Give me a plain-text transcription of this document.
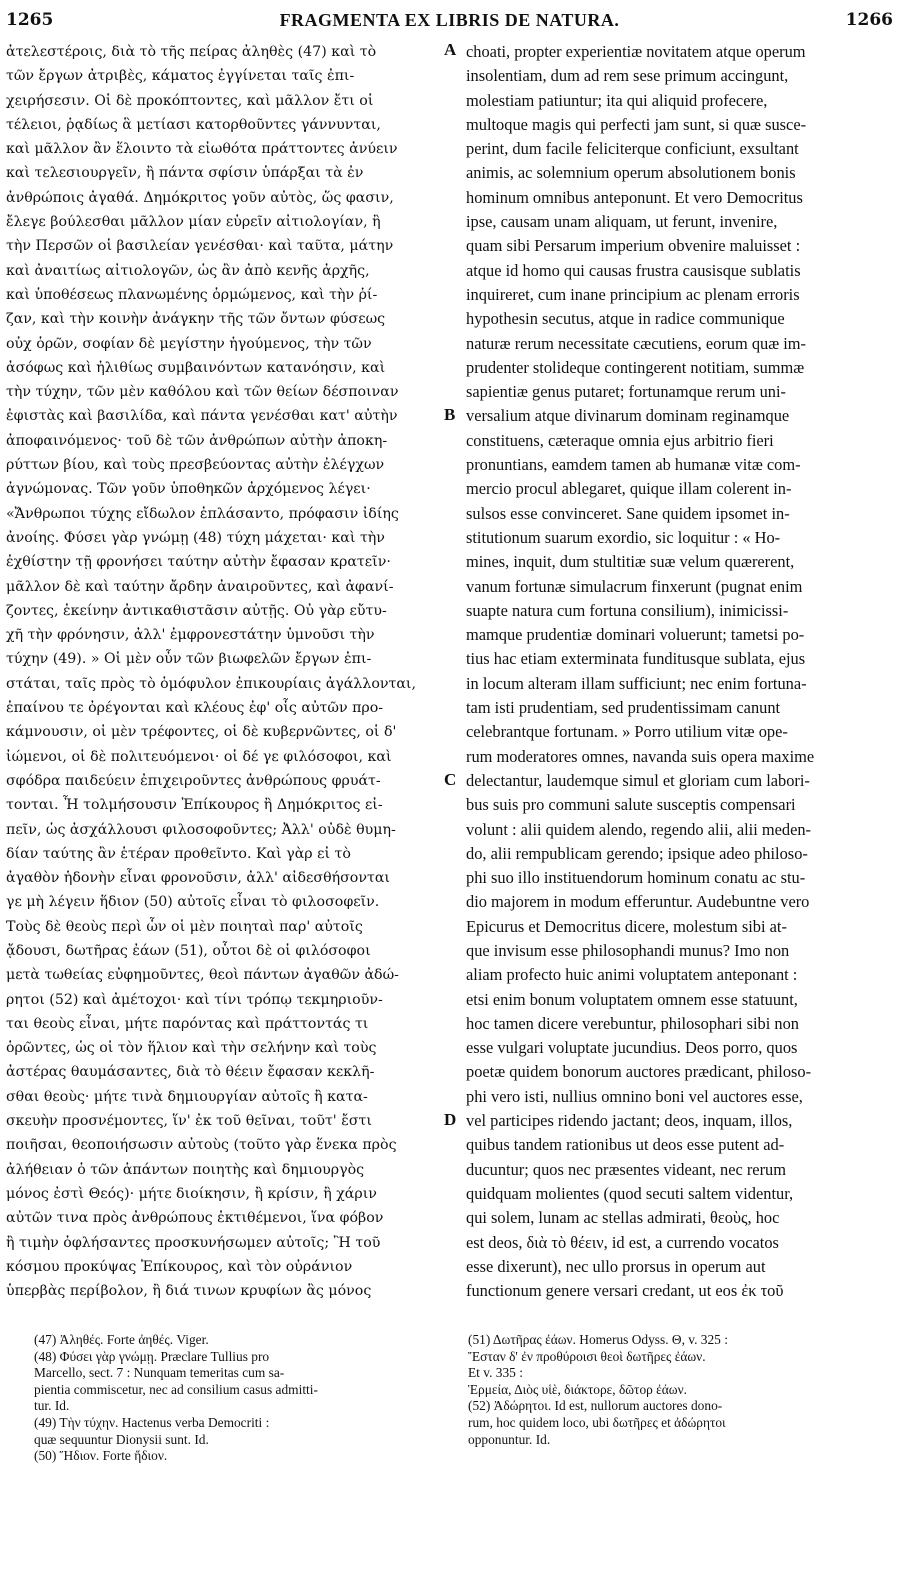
1265	FRAGMENTA EX LIBRIS DE NATURA.	1266
ἀτελεστέροις, διὰ τὸ τῆς πείρας ἀληθὲς (47) καὶ τὸ
τῶν ἔργων ἀτριβὲς, κάματος ἐγγίνεται ταῖς ἐπι-
χειρήσεσιν. Οἱ δὲ προκόπτοντες, καὶ μᾶλλον ἔτι οἱ
τέλειοι, ῥᾳδίως ἃ μετίασι κατορθοῦντες γάννυνται,
καὶ μᾶλλον ἂν ἕλοιντο τὰ εἰωθότα πράττοντες ἀνύειν
καὶ τελεσιουργεῖν, ἢ πάντα σφίσιν ὑπάρξαι τὰ ἐν
ἀνθρώποις ἀγαθά. Δημόκριτος γοῦν αὐτὸς, ὥς φασιν,
ἔλεγε βούλεσθαι μᾶλλον μίαν εὑρεῖν αἰτιολογίαν, ἢ
τὴν Περσῶν οἱ βασιλείαν γενέσθαι· καὶ ταῦτα, μάτην
καὶ ἀναιτίως αἰτιολογῶν, ὡς ἂν ἀπὸ κενῆς ἀρχῆς,
καὶ ὑποθέσεως πλανωμένης ὁρμώμενος, καὶ τὴν ῥί-
ζαν, καὶ τὴν κοινὴν ἀνάγκην τῆς τῶν ὄντων φύσεως
οὐχ ὁρῶν, σοφίαν δὲ μεγίστην ἡγούμενος, τὴν τῶν
ἀσόφως καὶ ἠλιθίως συμβαινόντων κατανόησιν, καὶ
τὴν τύχην, τῶν μὲν καθόλου καὶ τῶν θείων δέσποιναν
ἐφιστὰς καὶ βασιλίδα, καὶ πάντα γενέσθαι κατ' αὐτὴν
ἀποφαινόμενος· τοῦ δὲ τῶν ἀνθρώπων αὐτὴν ἀποκη-
ρύττων βίου, καὶ τοὺς πρεσβεύοντας αὐτὴν ἐλέγχων
ἀγνώμονας. Τῶν γοῦν ὑποθηκῶν ἀρχόμενος λέγει·
«Ἄνθρωποι τύχης εἴδωλον ἐπλάσαντο, πρόφασιν ἰδίης
ἀνοίης. Φύσει γὰρ γνώμῃ (48) τύχη μάχεται· καὶ τὴν
ἐχθίστην τῇ φρονήσει ταύτην αὐτὴν ἔφασαν κρατεῖν·
μᾶλλον δὲ καὶ ταύτην ἄρδην ἀναιροῦντες, καὶ ἀφανί-
ζοντες, ἐκείνην ἀντικαθιστᾶσιν αὐτῇς. Οὐ γὰρ εὔτυ-
χῆ τὴν φρόνησιν, ἀλλ' ἐμφρονεστάτην ὑμνοῦσι τὴν
τύχην (49). » Οἱ μὲν οὖν τῶν βιωφελῶν ἔργων ἐπι-
στάται, ταῖς πρὸς τὸ ὁμόφυλον ἐπικουρίαις ἀγάλλονται,
ἐπαίνου τε ὀρέγονται καὶ κλέους ἐφ' οἷς αὐτῶν προ-
κάμνουσιν, οἱ μὲν τρέφοντες, οἱ δὲ κυβερνῶντες, οἱ δ'
ἰώμενοι, οἱ δὲ πολιτευόμενοι· οἱ δέ γε φιλόσοφοι, καὶ
σφόδρα παιδεύειν ἐπιχειροῦντες ἀνθρώπους φρυάτ-
τονται. Ἦ τολμήσουσιν Ἐπίκουρος ἢ Δημόκριτος εἰ-
πεῖν, ὡς ἀσχάλλουσι φιλοσοφοῦντες; Ἀλλ' οὐδὲ θυμη-
δίαν ταύτης ἂν ἑτέραν προθεῖντο. Καὶ γὰρ εἰ τὸ
ἀγαθὸν ἡδονὴν εἶναι φρονοῦσιν, ἀλλ' αἰδεσθήσονται
γε μὴ λέγειν ἥδιον (50) αὐτοῖς εἶναι τὸ φιλοσοφεῖν.
Τοὺς δὲ θεοὺς περὶ ὧν οἱ μὲν ποιηταὶ παρ' αὐτοῖς
ᾄδουσι, δωτῆρας ἐάων (51), οὗτοι δὲ οἱ φιλόσοφοι
μετὰ τωθείας εὐφημοῦντες, θεοὶ πάντων ἀγαθῶν ἀδώ-
ρητοι (52) καὶ ἀμέτοχοι· καὶ τίνι τρόπῳ τεκμηριοῦν-
ται θεοὺς εἶναι, μήτε παρόντας καὶ πράττοντάς τι
ὁρῶντες, ὡς οἱ τὸν ἥλιον καὶ τὴν σελήνην καὶ τοὺς
ἀστέρας θαυμάσαντες, διὰ τὸ θέειν ἔφασαν κεκλῆ-
σθαι θεοὺς· μήτε τινὰ δημιουργίαν αὐτοῖς ἢ κατα-
σκευὴν προσνέμοντες, ἵν' ἐκ τοῦ θεῖναι, τοῦτ' ἔστι
ποιῆσαι, θεοποιήσωσιν αὐτοὺς (τοῦτο γὰρ ἕνεκα πρὸς
ἀλήθειαν ὁ τῶν ἁπάντων ποιητὴς καὶ δημιουργὸς
μόνος ἐστὶ Θεός)· μήτε διοίκησιν, ἢ κρίσιν, ἢ χάριν
αὐτῶν τινα πρὸς ἀνθρώπους ἐκτιθέμενοι, ἵνα φόβον
ἢ τιμὴν ὀφλήσαντες προσκυνήσωμεν αὐτοῖς; Ἢ τοῦ
κόσμου προκύψας Ἐπίκουρος, καὶ τὸν οὐράνιον
ὑπερβὰς περίβολον, ἢ διά τινων κρυφίων ἃς μόνος
choati, propter experientiæ novitatem atque operum
insolentiam, dum ad rem sese primum accingunt,
molestiam patiuntur; ita qui aliquid profecere,
multoque magis qui perfecti jam sunt, si quæ susce-
perint, dum facile feliciterque conficiunt, exsultant
animis, ac solemnium operum absolutionem bonis
hominum omnibus anteponunt. Et vero Democritus
ipse, causam unam aliquam, ut ferunt, invenire,
quam sibi Persarum imperium obvenire maluisset :
atque id homo qui causas frustra causisque sublatis
inquireret, cum inane principium ac plenam erroris
hypothesin secutus, atque in radice communique
naturæ rerum necessitate cæcutiens, eorum quæ im-
prudenter stolideque contingerent notitiam, summæ
sapientiæ genus putaret; fortunamque rerum uni-
versalium atque divinarum dominam reginamque
constituens, cæteraque omnia ejus arbitrio fieri
pronuntians, eamdem tamen ab humanæ vitæ com-
mercio procul ablegaret, quique illam colerent in-
sulsos esse convinceret. Sane quidem ipsomet in-
stitutionum suarum exordio, sic loquitur : « Ho-
mines, inquit, dum stultitiæ suæ velum quærerent,
vanum fortunæ simulacrum finxerunt (pugnat enim
suapte natura cum fortuna consilium), inimicissi-
mamque prudentiæ dominari voluerunt; tametsi po-
tius hac etiam exterminata funditusque sublata, ejus
in locum alteram illam sufficiunt; nec enim fortuna-
tam isti prudentiam, sed prudentissimam canunt
celebrantque fortunam. » Porro utilium vitæ ope-
rum moderatores omnes, navanda suis opera maxime
delectantur, laudemque simul et gloriam cum labori-
bus suis pro communi salute susceptis compensari
volunt : alii quidem alendo, regendo alii, alii meden-
do, alii rempublicam gerendo; ipsique adeo philoso-
phi suo illo instituendorum hominum conatu ac stu-
dio majorem in modum efferuntur. Audebuntne vero
Epicurus et Democritus dicere, molestum sibi at-
que invisum esse philosophandi munus? Imo non
aliam profecto huic animi voluptatem anteponant :
etsi enim bonum voluptatem omnem esse statuunt,
hoc tamen dicere verebuntur, philosophari sibi non
esse vulgari voluptate jucundius. Deos porro, quos
poetæ quidem bonorum auctores prædicant, philoso-
phi vero isti, nullius omnino boni vel auctores esse,
vel participes ridendo jactant; deos, inquam, illos,
quibus tandem rationibus ut deos esse putent ad-
ducuntur; quos nec præsentes videant, nec rerum
quidquam molientes (quod secuti saltem videntur,
qui solem, lunam ac stellas admirati, θεοὺς, hoc
est deos, διὰ τὸ θέειν, id est, a currendo vocatos
esse dixerunt), nec ullo prorsus in operum aut
functionum genere versari credant, ut eos ἐκ τοῦ
A
B
C
D
(47) Ἀληθές. Forte ἀηθές. Viger.
(48) Φύσει γὰρ γνώμῃ. Præclare Tullius pro
Marcello, sect. 7 : Nunquam temeritas cum sa-
pientia commiscetur, nec ad consilium casus admitti-
tur. Id.
(49) Τὴν τύχην. Hactenus verba Democriti :
quæ sequuntur Dionysii sunt. Id.
(50) Ἥδιον. Forte ἥδιον.
(51) Δωτῆρας ἐάων. Homerus Odyss. Θ, v. 325 :
Ἔσταν δ' ἐν προθύροισι θεοὶ δωτῆρες ἐάων.
Et v. 335 :
Ἑρμεία, Διὸς υἱὲ, διάκτορε, δῶτορ ἐάων.
(52) Ἀδώρητοι. Id est, nullorum auctores dono-
rum, hoc quidem loco, ubi δωτῆρες et ἀδώρητοι
opponuntur. Id.
